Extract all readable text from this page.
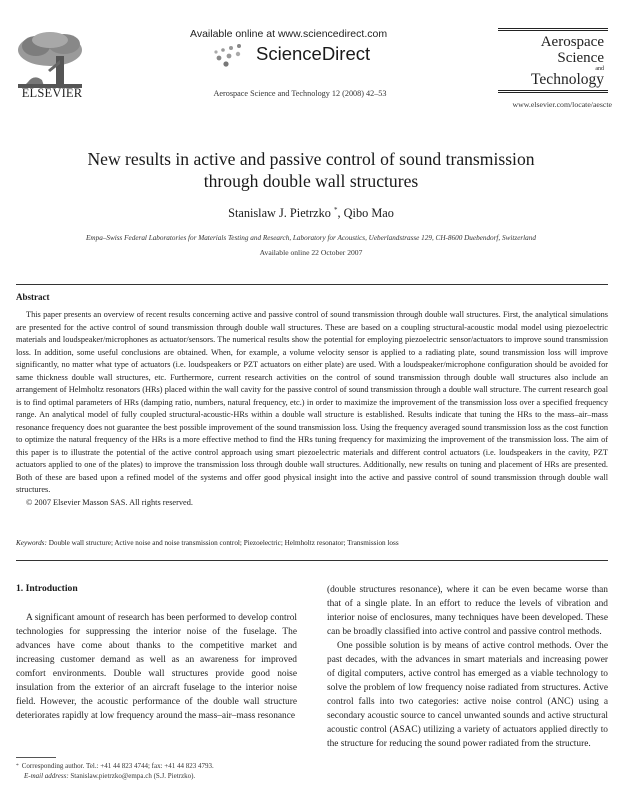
ELSEVIER
Available online at www.sciencedirect.com
ScienceDirect
Aerospace Science and Technology 12 (2008) 42–53
Aerospace
Science
and
Technology
www.elsevier.com/locate/aescte
New results in active and passive control of sound transmission
through double wall structures
Stanislaw J. Pietrzko *, Qibo Mao
Empa–Swiss Federal Laboratories for Materials Testing and Research, Laboratory for Acoustics, Ueberlandstrasse 129, CH-8600 Duebendorf, Switzerland
Available online 22 October 2007
Abstract

This paper presents an overview of recent results concerning active and passive control of sound transmission through double wall structures. First, the analytical simulations are presented for the active control of sound transmission through double wall structures. These are based on a coupling structural-acoustic modal model using piezoelectric materials and loudspeaker/microphones as actuator/sensors. The numerical results show the potential for employing piezoelectric sensor/actuators to improve sound transmission loss. In addition, some useful conclusions are obtained. When, for example, a volume velocity sensor is applied to a radiating plate, sound transmission loss will improve significantly, no matter what type of actuators (i.e. loudspeakers or PZT actuators on either plate) are used. With a loudspeaker/microphone configuration should be avoided for same thickness double wall structures, etc. Furthermore, current research activities on the control of sound transmission through double wall structures also include an arrangement of Helmholtz resonators (HRs) placed within the wall cavity for the passive control of sound transmission through a double wall structure. The current research goal is to find optimal parameters of HRs (damping ratio, numbers, natural frequency, etc.) in order to maximize the improvement of the transmission loss over a specified frequency range. An analytical model of fully coupled structural-acoustic-HRs within a double wall structure is established. Results indicate that tuning the HRs to the mass–air–mass resonance frequency does not guarantee the best possible improvement of the sound transmission loss. Using the frequency averaged sound transmission loss as the cost function to optimize the natural frequency of the HRs is a more effective method to find the HRs tuning frequency for maximizing the improvement of the transmission loss. The aim of this paper is to illustrate the potential of the active control approach using smart piezoelectric materials and different control actuators (i.e. loudspeakers in the cavity, PZT actuators applied to one of the plates) to improve the transmission loss through double wall structures. Additionally, new results on tuning and placement of HRs are presented. Both of these are based upon a refined model of the systems and offer good physical insight into the active and passive control of sound transmission through double wall structures.

© 2007 Elsevier Masson SAS. All rights reserved.

Keywords: Double wall structure; Active noise and noise transmission control; Piezoelectric; Helmholtz resonator; Transmission loss
1. Introduction

A significant amount of research has been performed to develop control technologies for suppressing the interior noise of the fuselage. The advances have come about thanks to the competitive market and increasing customer demand as well as an awareness for improved comfort environments. Double wall structures provide good noise insulation from the exterior of an aircraft fuselage to the interior noise field. However, the acoustic performance of the double wall structure deteriorates rapidly at low frequency around the mass–air–mass resonance

(double structures resonance), where it can be even became worse than that of a single plate. In an effort to reduce the levels of vibration and interior noise of enclosures, many techniques have been developed. These can be broadly classified into active control and passive control methods.

One possible solution is by means of active control methods. Over the past decades, with the advances in smart materials and increasing power of digital computers, active control has emerged as a viable technology to solve the problem of low frequency noise radiated from structures. Active control falls into two categories: active noise control (ANC) using a secondary acoustic source to cancel unwanted sounds and active structural acoustic control (ASAC) utilizing a variety of actuators applied directly to the structure for reducing the sound power radiated from the structure.

* Corresponding author. Tel.: +41 44 823 4744; fax: +41 44 823 4793.
E-mail address: Stanislaw.pietrzko@empa.ch (S.J. Pietrzko).
